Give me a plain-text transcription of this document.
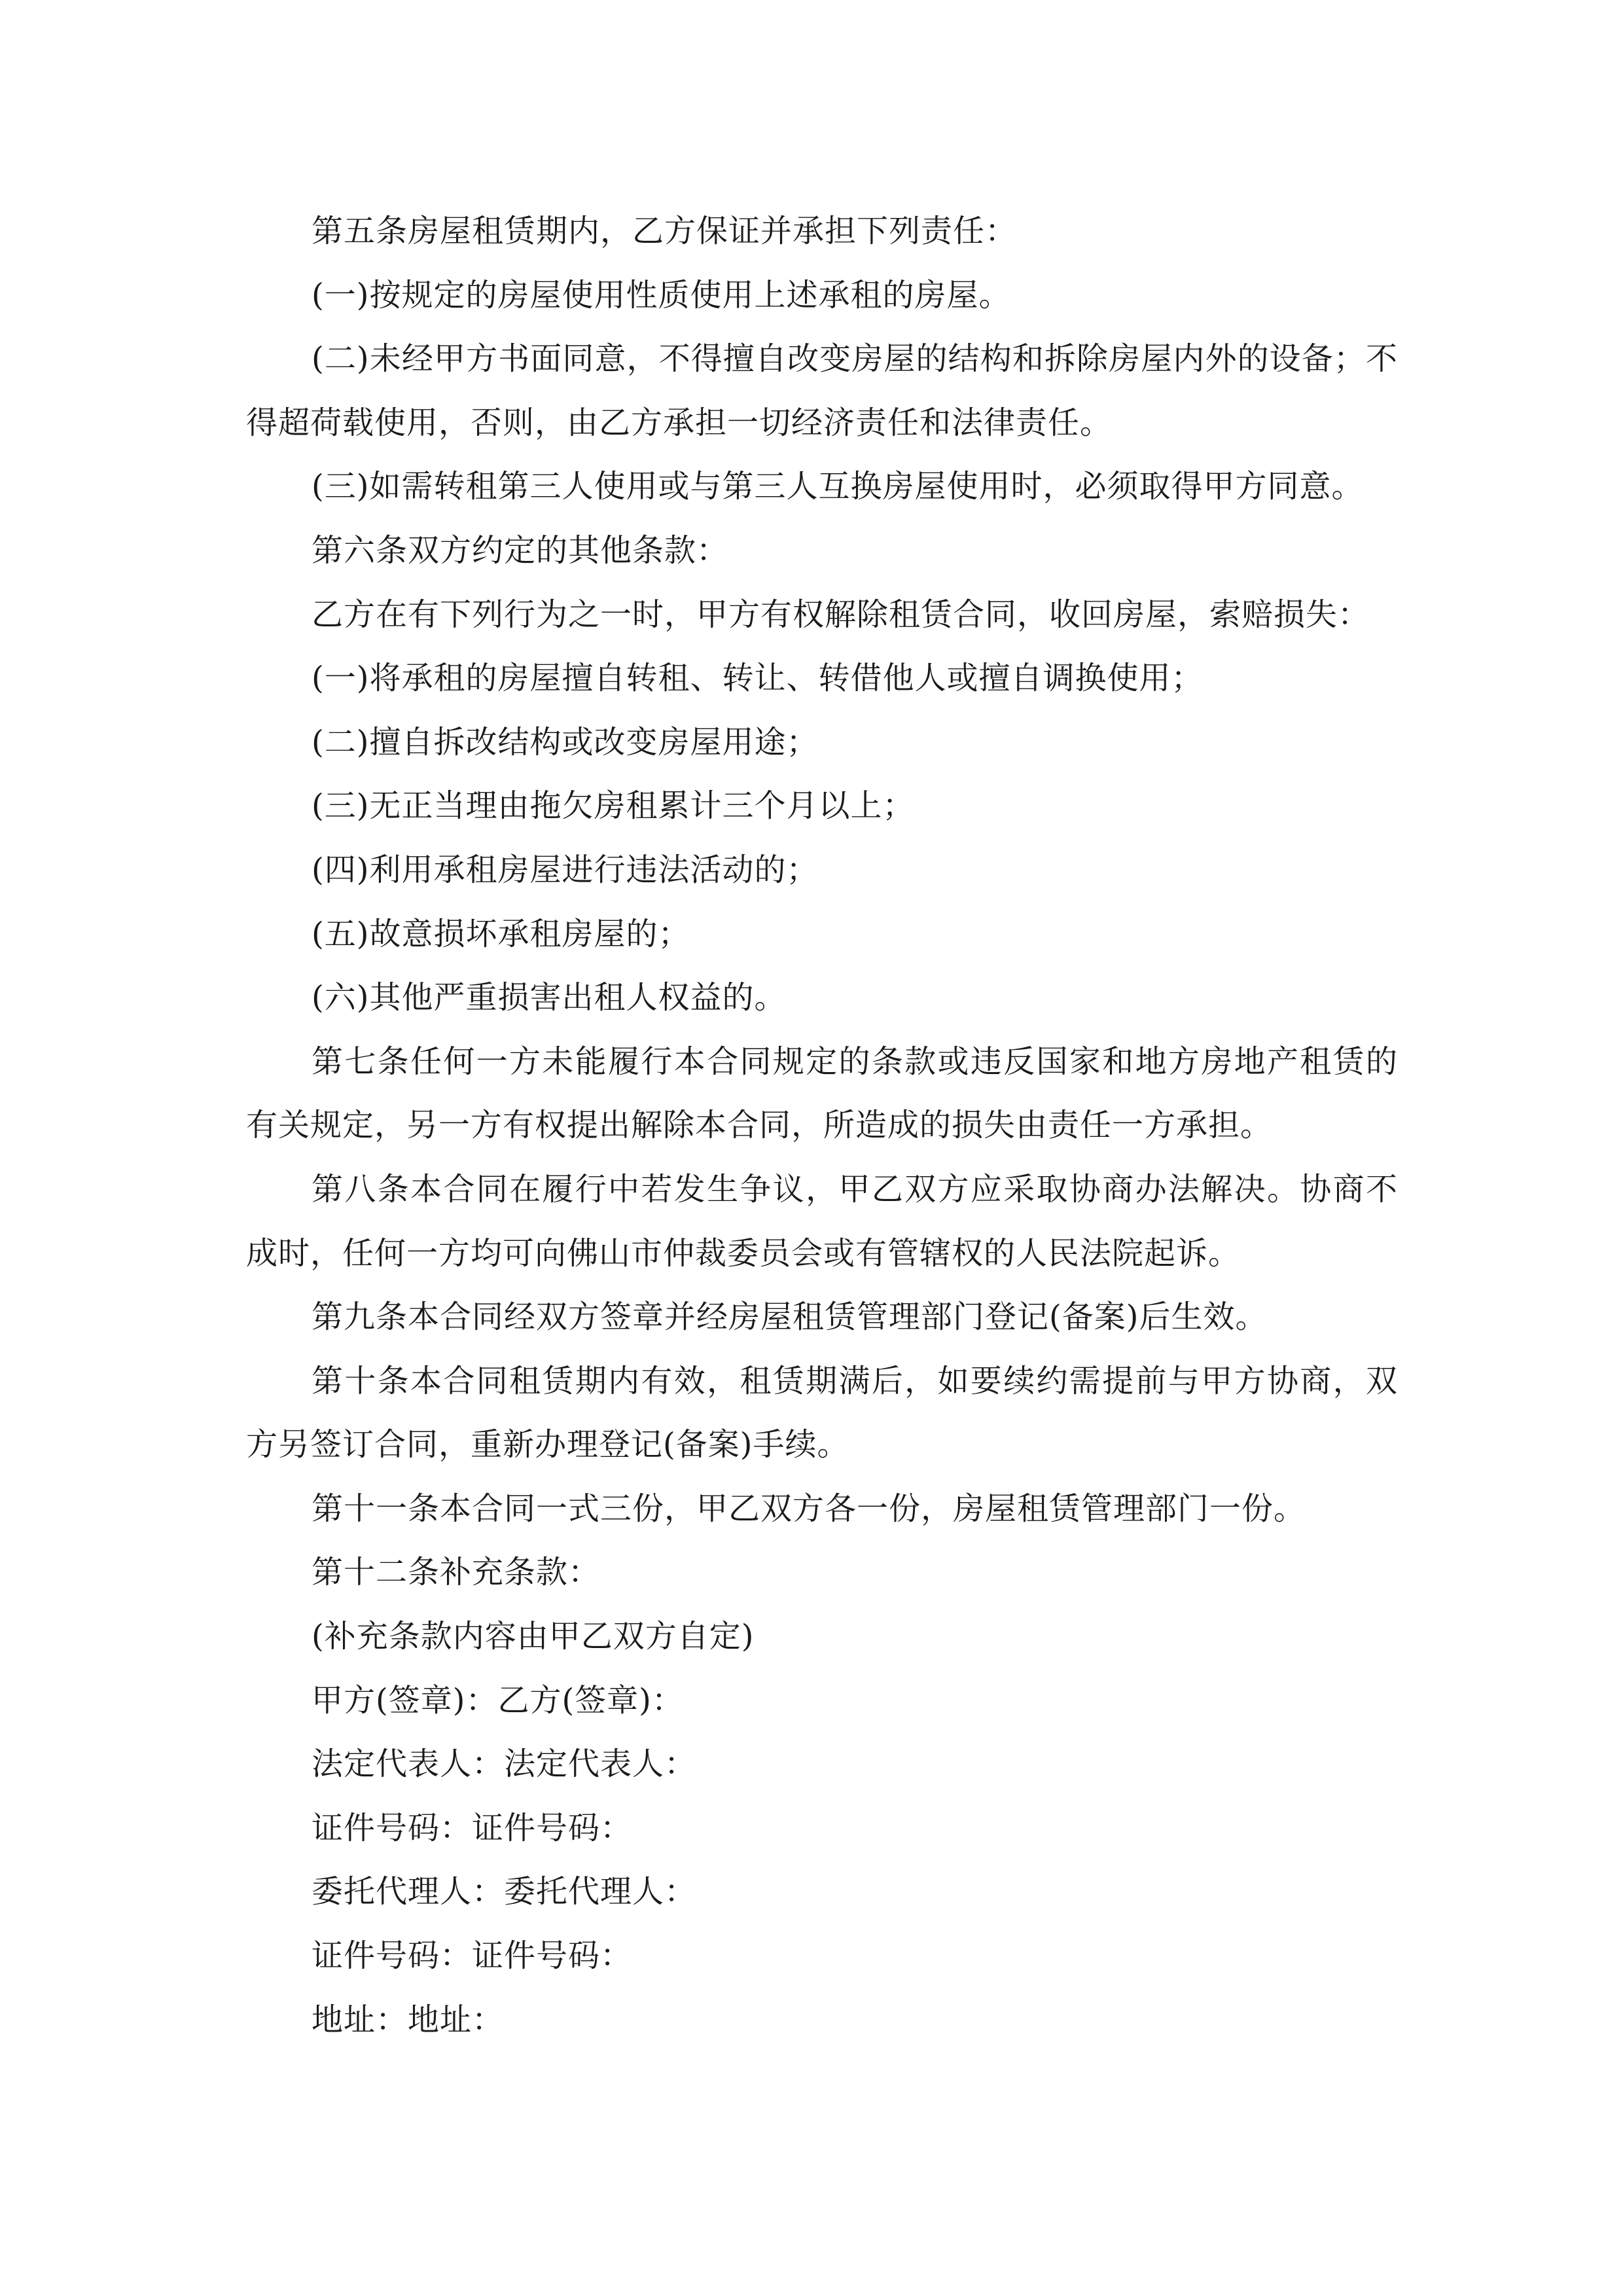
第五条房屋租赁期内，乙方保证并承担下列责任：

(一)按规定的房屋使用性质使用上述承租的房屋。

(二)未经甲方书面同意，不得擅自改变房屋的结构和拆除房屋内外的设备；不得超荷载使用，否则，由乙方承担一切经济责任和法律责任。

(三)如需转租第三人使用或与第三人互换房屋使用时，必须取得甲方同意。

第六条双方约定的其他条款：

乙方在有下列行为之一时，甲方有权解除租赁合同，收回房屋，索赔损失：

(一)将承租的房屋擅自转租、转让、转借他人或擅自调换使用；

(二)擅自拆改结构或改变房屋用途；

(三)无正当理由拖欠房租累计三个月以上；

(四)利用承租房屋进行违法活动的；

(五)故意损坏承租房屋的；

(六)其他严重损害出租人权益的。

第七条任何一方未能履行本合同规定的条款或违反国家和地方房地产租赁的有关规定，另一方有权提出解除本合同，所造成的损失由责任一方承担。

第八条本合同在履行中若发生争议，甲乙双方应采取协商办法解决。协商不成时，任何一方均可向佛山市仲裁委员会或有管辖权的人民法院起诉。

第九条本合同经双方签章并经房屋租赁管理部门登记(备案)后生效。

第十条本合同租赁期内有效，租赁期满后，如要续约需提前与甲方协商，双方另签订合同，重新办理登记(备案)手续。

第十一条本合同一式三份，甲乙双方各一份，房屋租赁管理部门一份。

第十二条补充条款：

(补充条款内容由甲乙双方自定)

甲方(签章)：乙方(签章)：

法定代表人：法定代表人：

证件号码：证件号码：

委托代理人：委托代理人：

证件号码：证件号码：

地址：地址：
